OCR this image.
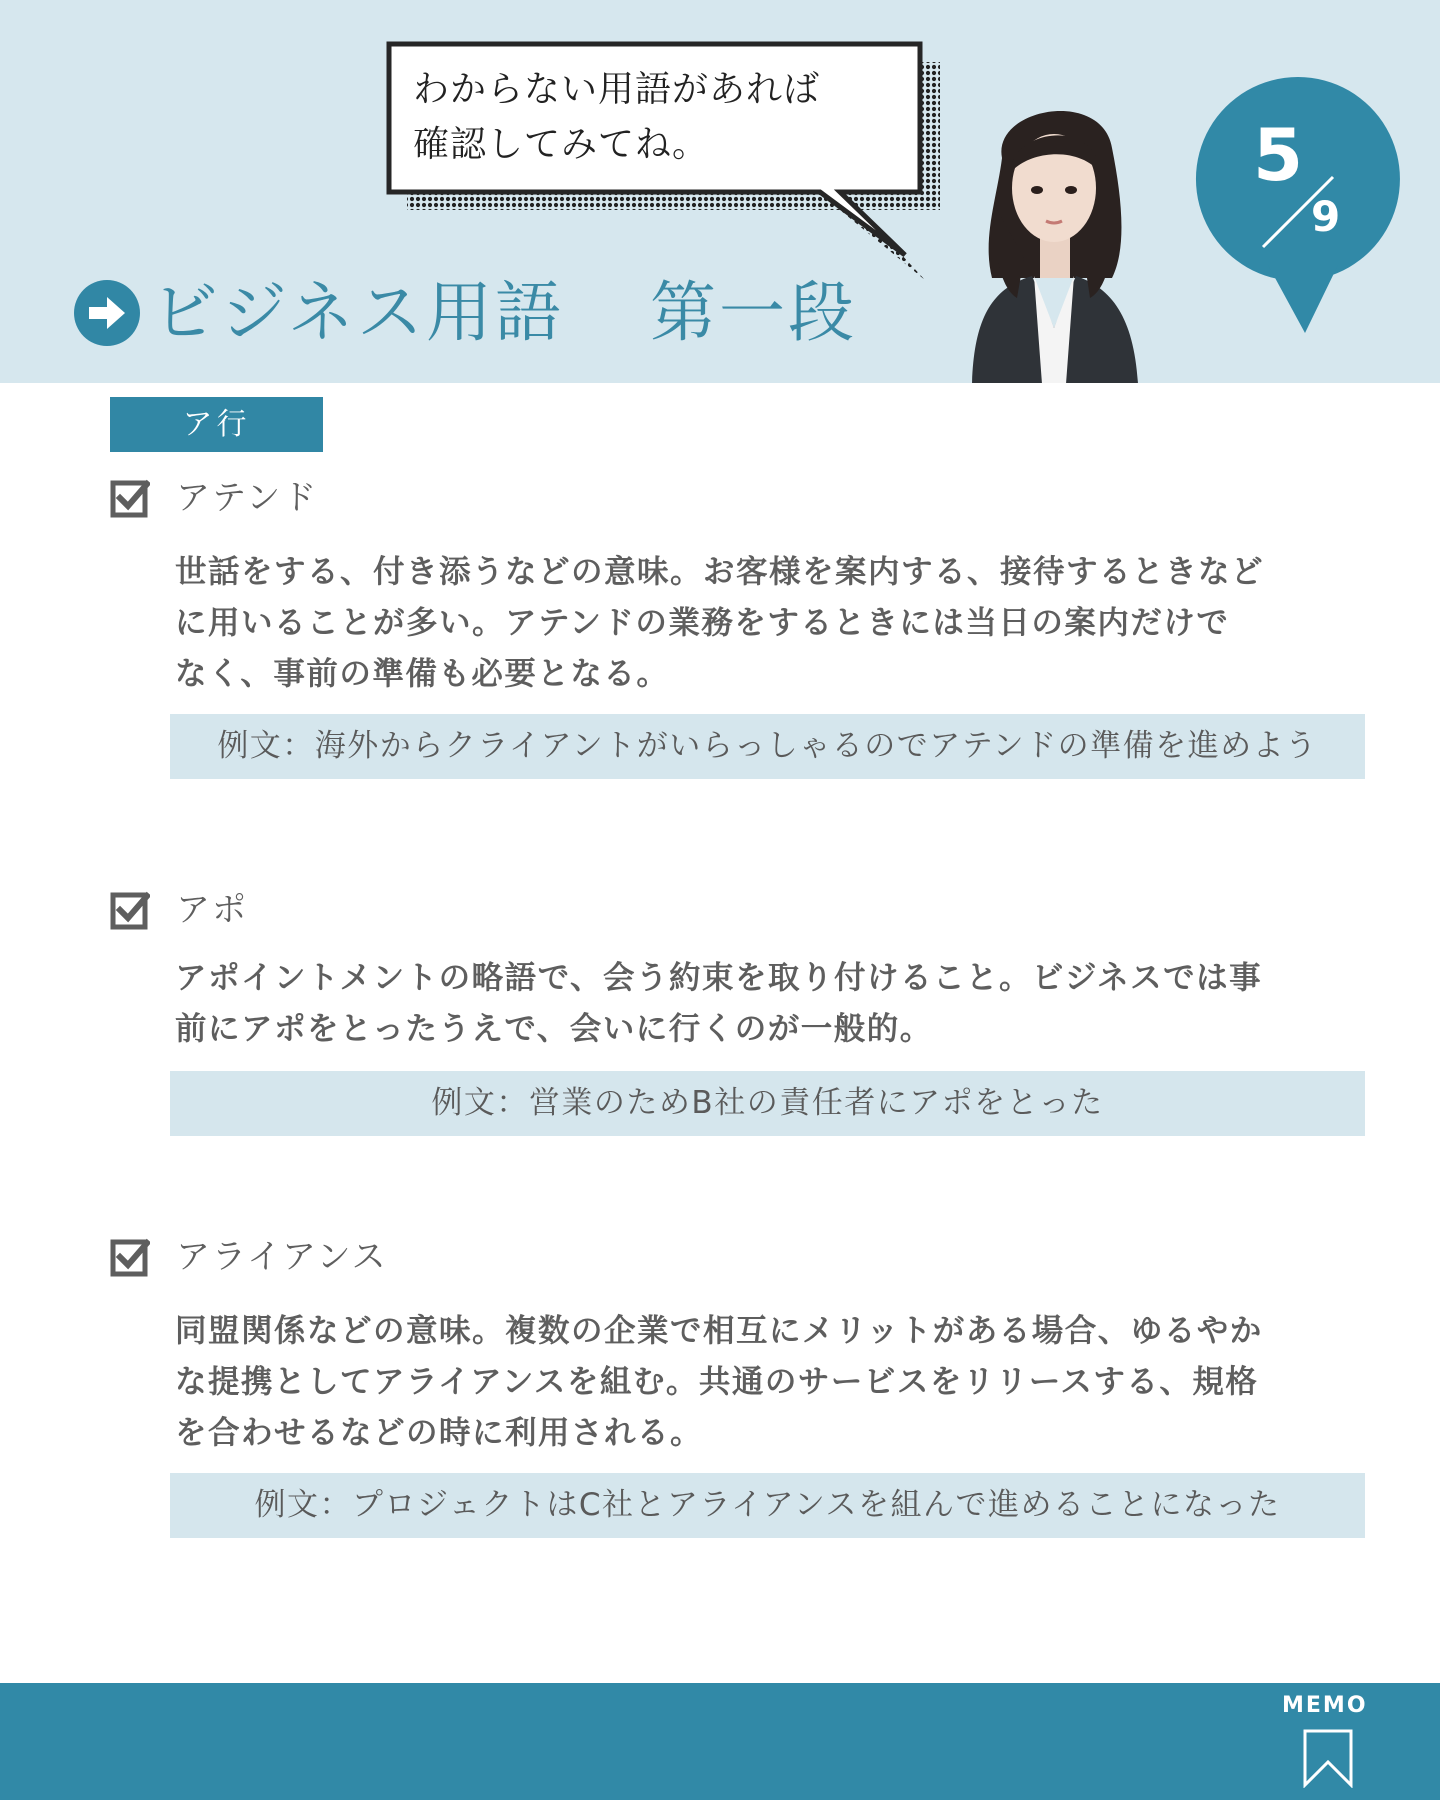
わからない用語があれば
確認してみてね。	5
9
ビジネス用語 第一段
ア行
アテンド
世話をする、付き添うなどの意味。お客様を案内する、接待するときなど
に用いることが多い。アテンドの業務をするときには当日の案内だけで
なく、事前の準備も必要となる。
例文：海外からクライアントがいらっしゃるのでアテンドの準備を進めよう
アポ
アポイントメントの略語で、会う約束を取り付けること。ビジネスでは事
前にアポをとったうえで、会いに行くのが一般的。
例文：営業のためB社の責任者にアポをとった
アライアンス
同盟関係などの意味。複数の企業で相互にメリットがある場合、ゆるやか
な提携としてアライアンスを組む。共通のサービスをリリースする、規格
を合わせるなどの時に利用される。
例文：プロジェクトはC社とアライアンスを組んで進めることになった
MEMO
